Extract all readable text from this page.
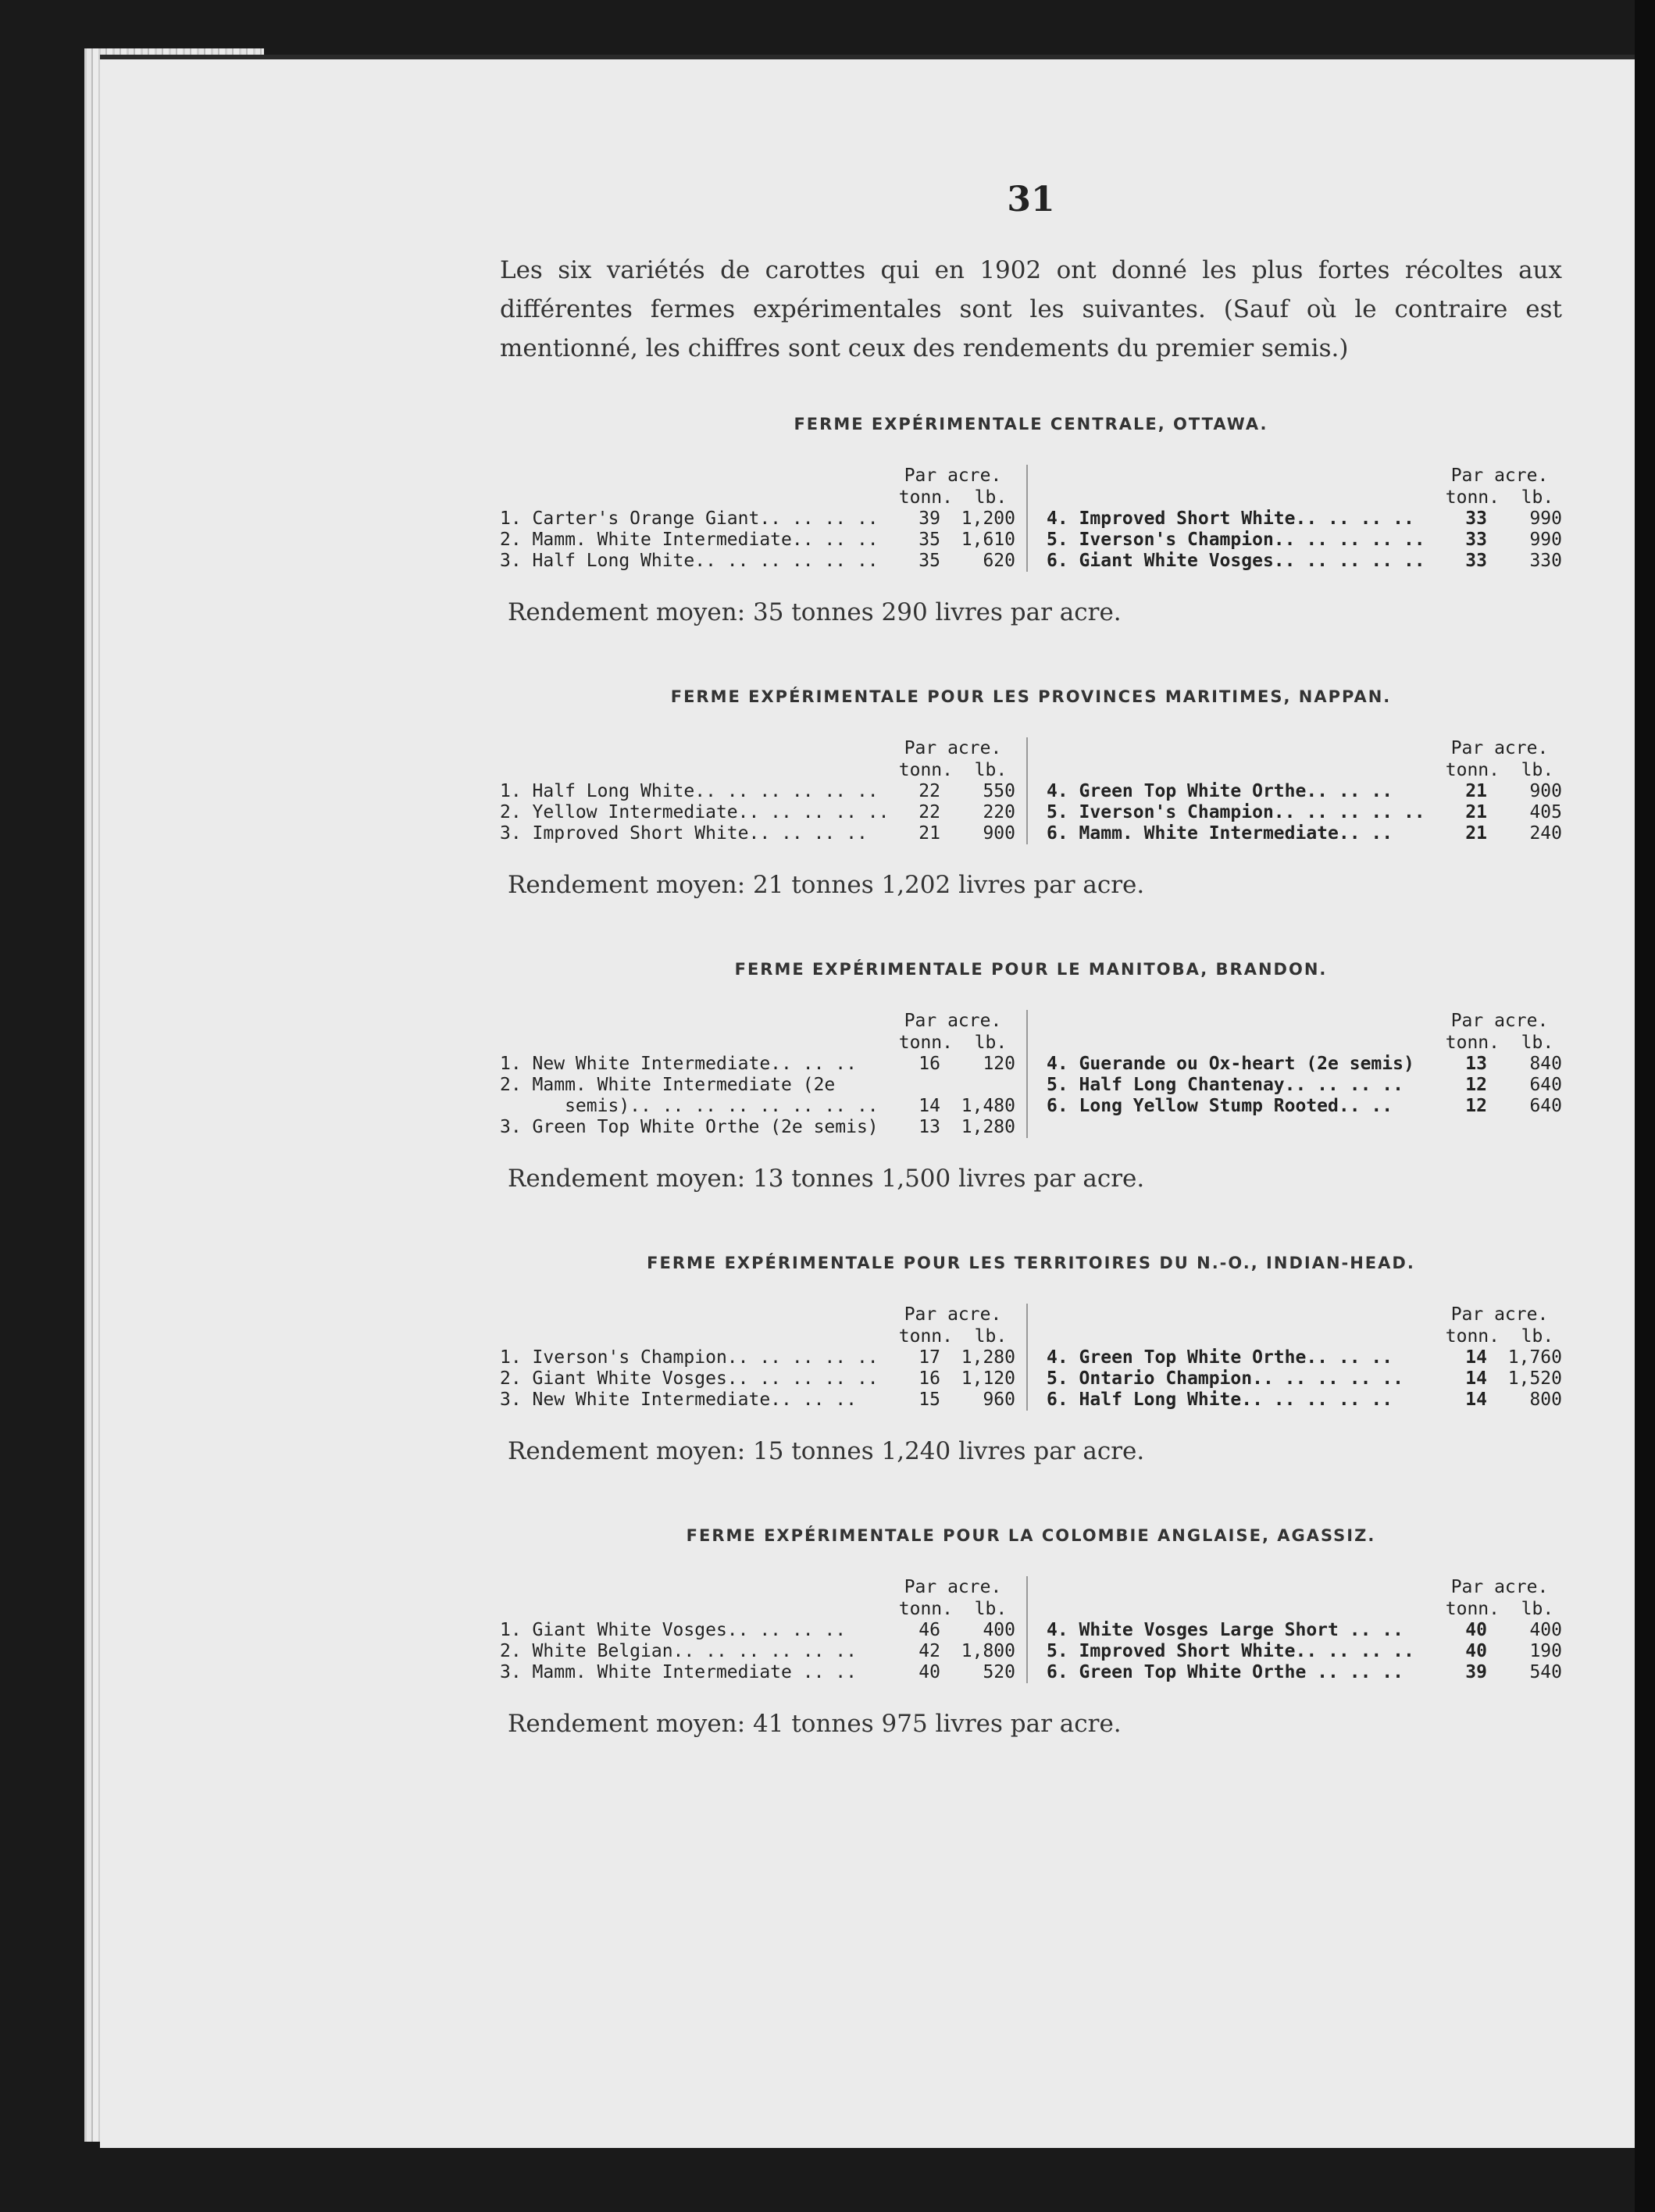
31

Les six variétés de carottes qui en 1902 ont donné les plus fortes récoltes aux différentes fermes expérimentales sont les suivantes. (Sauf où le contraire est mentionné, les chiffres sont ceux des rendements du premier semis.)

FERME EXPÉRIMENTALE CENTRALE, OTTAWA.
Par acre.
tonn.  lb.
1. Carter's Orange Giant.. .. .. ..	39	1,200
2. Mamm. White Intermediate.. .. ..	35	1,610
3. Half Long White.. .. .. .. .. ..	35	620
Par acre.
tonn.  lb.
4. Improved Short White.. .. .. ..	33	990
5. Iverson's Champion.. .. .. .. ..	33	990
6. Giant White Vosges.. .. .. .. ..	33	330
Rendement moyen: 35 tonnes 290 livres par acre.
FERME EXPÉRIMENTALE POUR LES PROVINCES MARITIMES, NAPPAN.
Par acre.
tonn.  lb.
1. Half Long White.. .. .. .. .. ..	22	550
2. Yellow Intermediate.. .. .. .. ..	22	220
3. Improved Short White.. .. .. ..	21	900
Par acre.
tonn.  lb.
4. Green Top White Orthe.. .. ..	21	900
5. Iverson's Champion.. .. .. .. ..	21	405
6. Mamm. White Intermediate.. ..	21	240
Rendement moyen: 21 tonnes 1,202 livres par acre.
FERME EXPÉRIMENTALE POUR LE MANITOBA, BRANDON.
Par acre.
tonn.  lb.
1. New White Intermediate.. .. ..	16	120
2. Mamm. White Intermediate (2e
semis).. .. .. .. .. .. .. ..	14	1,480
3. Green Top White Orthe (2e semis)	13	1,280
Par acre.
tonn.  lb.
4. Guerande ou Ox-heart (2e semis)	13	840
5. Half Long Chantenay.. .. .. ..	12	640
6. Long Yellow Stump Rooted.. ..	12	640
Rendement moyen: 13 tonnes 1,500 livres par acre.
FERME EXPÉRIMENTALE POUR LES TERRITOIRES DU N.-O., INDIAN-HEAD.
Par acre.
tonn.  lb.
1. Iverson's Champion.. .. .. .. ..	17	1,280
2. Giant White Vosges.. .. .. .. ..	16	1,120
3. New White Intermediate.. .. ..	15	960
Par acre.
tonn.  lb.
4. Green Top White Orthe.. .. ..	14	1,760
5. Ontario Champion.. .. .. .. ..	14	1,520
6. Half Long White.. .. .. .. ..	14	800
Rendement moyen: 15 tonnes 1,240 livres par acre.
FERME EXPÉRIMENTALE POUR LA COLOMBIE ANGLAISE, AGASSIZ.
Par acre.
tonn.  lb.
1. Giant White Vosges.. .. .. ..	46	400
2. White Belgian.. .. .. .. .. ..	42	1,800
3. Mamm. White Intermediate .. ..	40	520
Par acre.
tonn.  lb.
4. White Vosges Large Short .. ..	40	400
5. Improved Short White.. .. .. ..	40	190
6. Green Top White Orthe .. .. ..	39	540
Rendement moyen: 41 tonnes 975 livres par acre.
